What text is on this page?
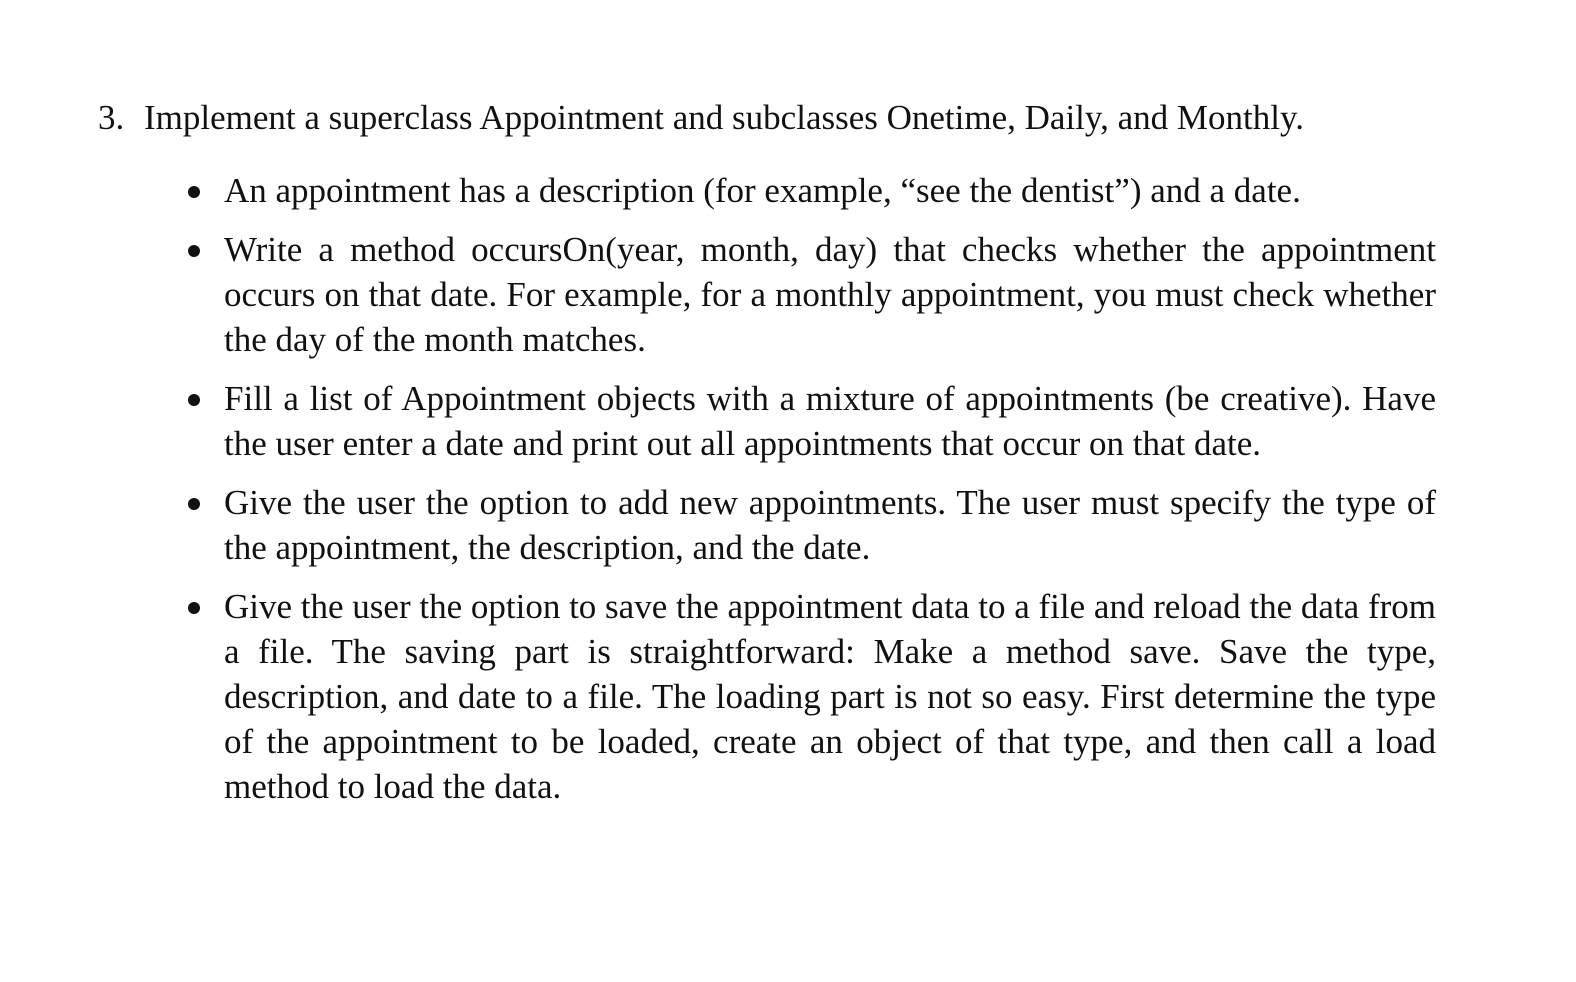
3. Implement a superclass Appointment and subclasses Onetime, Daily, and Monthly.
An appointment has a description (for example, “see the dentist”) and a date.
Write a method occursOn(year, month, day) that checks whether the appointment occurs on that date. For example, for a monthly appointment, you must check whether the day of the month matches.
Fill a list of Appointment objects with a mixture of appointments (be creative). Have the user enter a date and print out all appointments that occur on that date.
Give the user the option to add new appointments. The user must specify the type of the appointment, the description, and the date.
Give the user the option to save the appointment data to a file and reload the data from a file. The saving part is straightforward: Make a method save. Save the type, description, and date to a file. The loading part is not so easy. First determine the type of the appointment to be loaded, create an object of that type, and then call a load method to load the data.
